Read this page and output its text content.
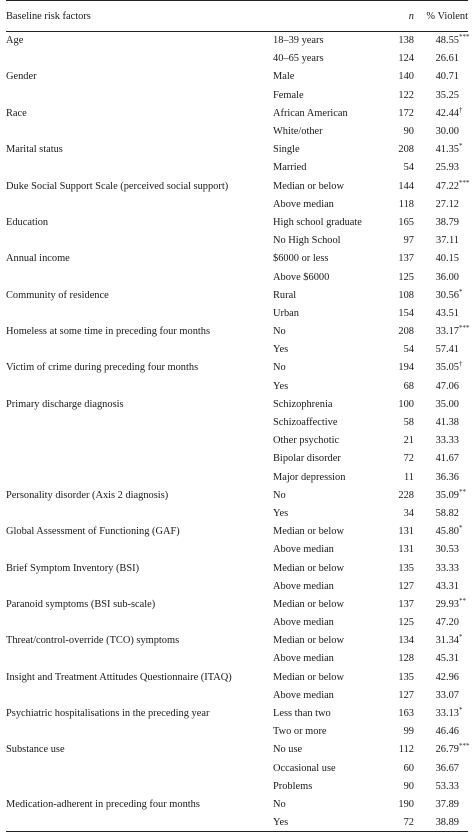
Baseline risk factors		n	% Violent
Age	18–39 years	138	48.55 ***

	40–65 years	124	26.61

Gender	Male	140	40.71

	Female	122	35.25

Race	African American	172	42.44 †

	White/other	90	30.00

Marital status	Single	208	41.35 *

	Married	54	25.93

Duke Social Support Scale (perceived social support)	Median or below	144	47.22 ***

	Above median	118	27.12

Education	High school graduate	165	38.79

	No High School	97	37.11

Annual income	$6000 or less	137	40.15

	Above $6000	125	36.00

Community of residence	Rural	108	30.56 *

	Urban	154	43.51

Homeless at some time in preceding four months	No	208	33.17 ***

	Yes	54	57.41

Victim of crime during preceding four months	No	194	35.05 †

	Yes	68	47.06

Primary discharge diagnosis	Schizophrenia	100	35.00

	Schizoaffective	58	41.38

	Other psychotic	21	33.33

	Bipolar disorder	72	41.67

	Major depression	11	36.36

Personality disorder (Axis 2 diagnosis)	No	228	35.09 **

	Yes	34	58.82

Global Assessment of Functioning (GAF)	Median or below	131	45.80 *

	Above median	131	30.53

Brief Symptom Inventory (BSI)	Median or below	135	33.33

	Above median	127	43.31

Paranoid symptoms (BSI sub-scale)	Median or below	137	29.93 **

	Above median	125	47.20

Threat/control-override (TCO) symptoms	Median or below	134	31.34 *

	Above median	128	45.31

Insight and Treatment Attitudes Questionnaire (ITAQ)	Median or below	135	42.96

	Above median	127	33.07

Psychiatric hospitalisations in the preceding year	Less than two	163	33.13 *

	Two or more	99	46.46

Substance use	No use	112	26.79 ***

	Occasional use	60	36.67

	Problems	90	53.33

Medication-adherent in preceding four months	No	190	37.89

	Yes	72	38.89
